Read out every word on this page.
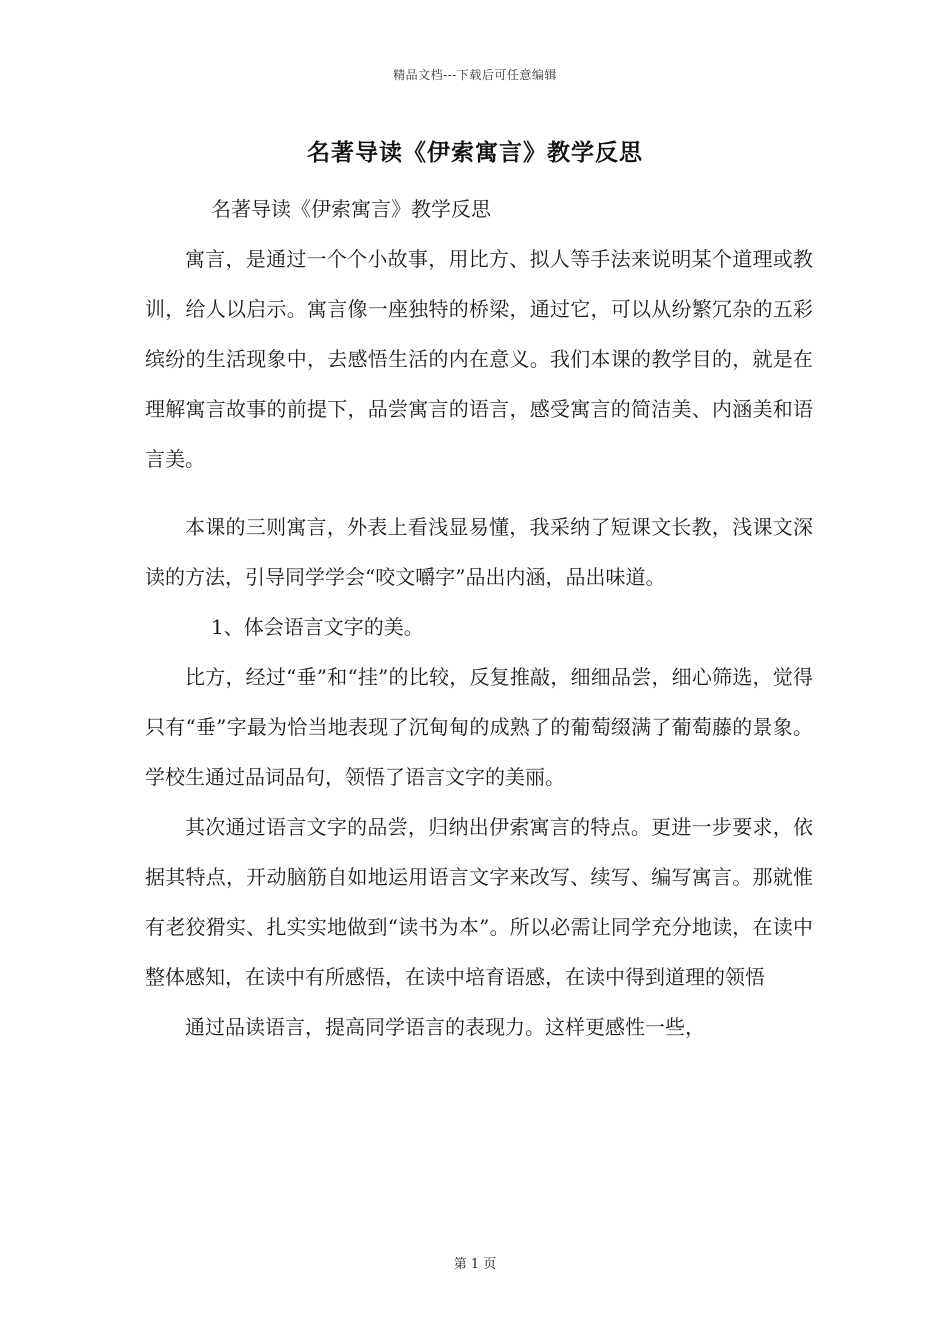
精品文档---下载后可任意编辑
名著导读《伊索寓言》教学反思

名著导读《伊索寓言》教学反思

寓言，是通过一个个小故事，用比方、拟人等手法来说明某个道理或教训，给人以启示。寓言像一座独特的桥梁，通过它，可以从纷繁冗杂的五彩缤纷的生活现象中，去感悟生活的内在意义。我们本课的教学目的，就是在理解寓言故事的前提下，品尝寓言的语言，感受寓言的简洁美、内涵美和语言美。

本课的三则寓言，外表上看浅显易懂，我采纳了短课文长教，浅课文深读的方法，引导同学学会“咬文嚼字”品出内涵，品出味道。

1、体会语言文字的美。

比方，经过“垂”和“挂”的比较，反复推敲，细细品尝，细心筛选，觉得只有“垂”字最为恰当地表现了沉甸甸的成熟了的葡萄缀满了葡萄藤的景象。学校生通过品词品句，领悟了语言文字的美丽。

其次通过语言文字的品尝，归纳出伊索寓言的特点。更进一步要求，依据其特点，开动脑筋自如地运用语言文字来改写、续写、编写寓言。那就惟有老狡猾实、扎实实地做到“读书为本”。所以必需让同学充分地读，在读中整体感知，在读中有所感悟，在读中培育语感，在读中得到道理的领悟

通过品读语言，提高同学语言的表现力。这样更感性一些，

第 1 页
